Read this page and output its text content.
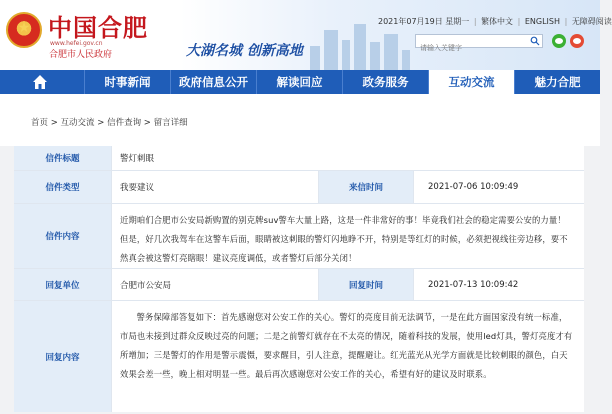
★
中国合肥
www.hefei.gov.cn
合肥市人民政府	大湖名城 创新高地
2021年07月19日 星期一 | 繁体中文 | ENGLISH | 无障碍阅读
请输入关键字
时事新闻	政府信息公开	解读回应	政务服务	互动交流	魅力合肥
首页 > 互动交流 > 信件查询 > 留言详细
信件标题	警灯刺眼
信件类型	我要建议	来信时间	2021-07-06 10:09:49
信件内容
近期咱们合肥市公安局新购置的别克牌suv警车大量上路，这是一件非常好的事！毕竟我们社会的稳定需要公安的力量！但是，好几次我驾车在这警车后面，眼睛被这刺眼的警灯闪地睁不开，特别是等红灯的时候，必须把视线往旁边移，要不然真会被这警灯亮瞎眼！建议亮度调低，或者警灯后部分关闭！
回复单位	合肥市公安局	回复时间	2021-07-13 10:09:42
回复内容
警务保障部答复如下：首先感谢您对公安工作的关心。警灯的亮度目前无法调节，一是在此方面国家没有统一标准，市局也未接到过群众反映过亮的问题；二是之前警灯就存在不太亮的情况，随着科技的发展，使用led灯具，警灯亮度才有所增加；三是警灯的作用是警示震慑，要求醒目，引人注意，提醒避让。红光蓝光从光学方面就是比较刺眼的颜色，白天效果会差一些，晚上相对明显一些。最后再次感谢您对公安工作的关心，希望有好的建议及时联系。
